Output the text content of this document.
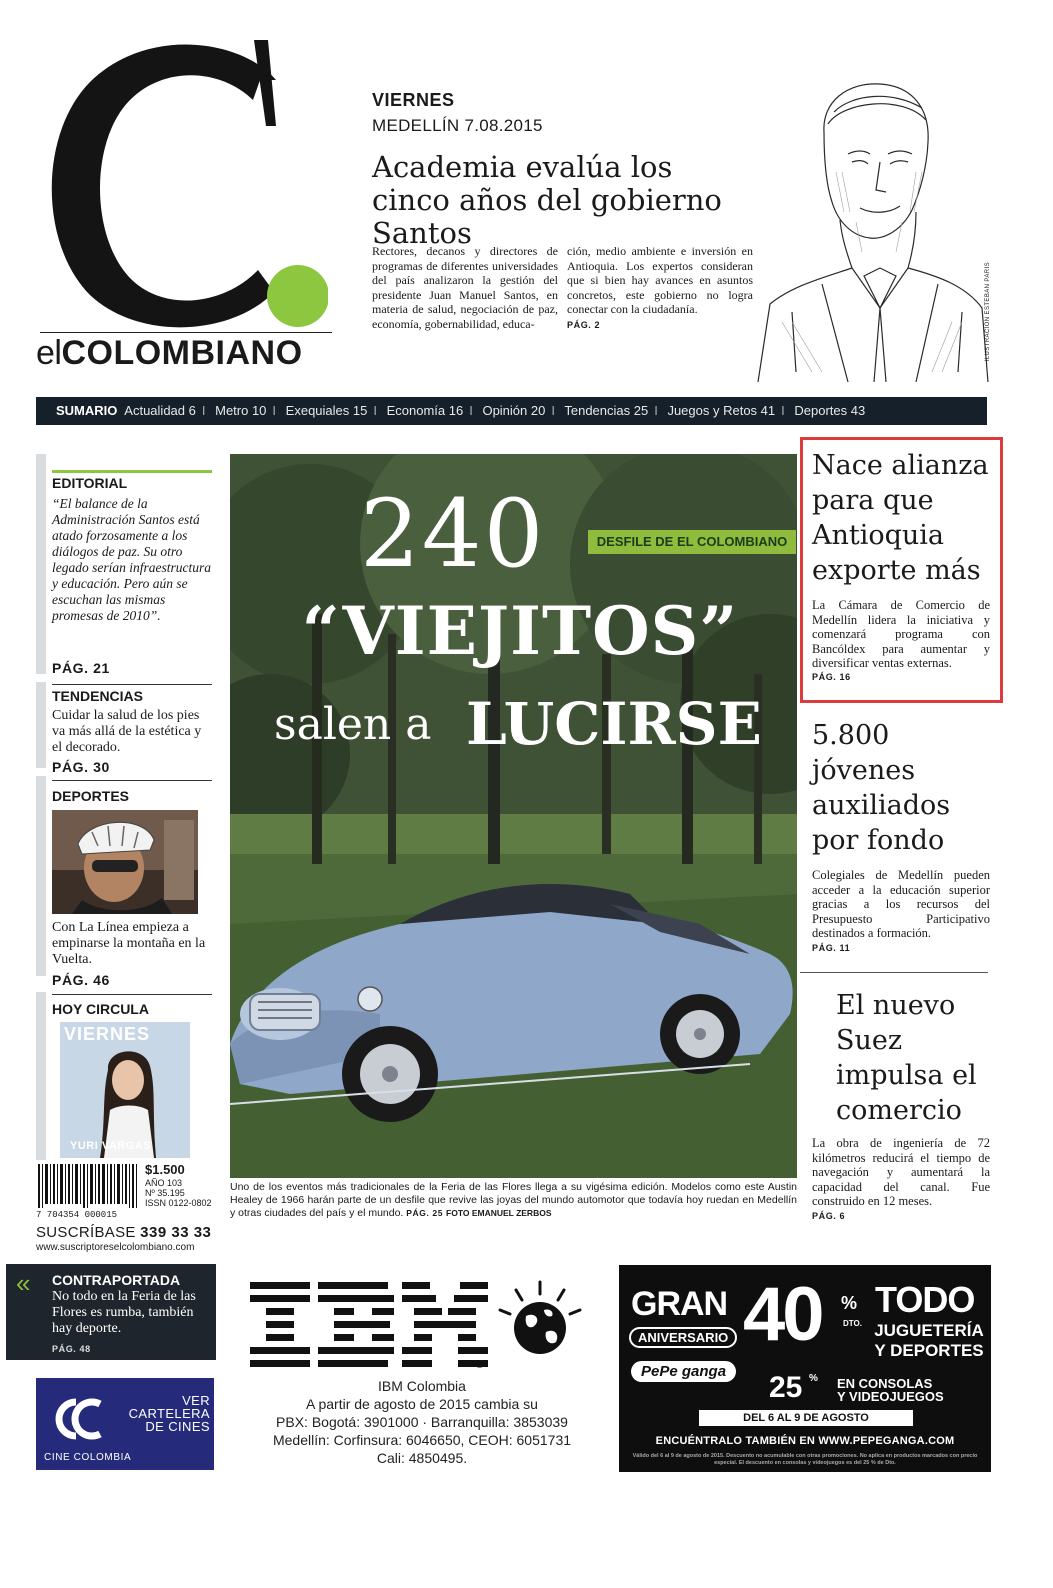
elCOLOMBIANO
VIERNES
MEDELLÍN 7.08.2015
Academia evalúa los cinco años del gobierno Santos
Rectores, decanos y directores de programas de diferentes universidades del país analizaron la gestión del presidente Juan Manuel Santos, en materia de salud, negociación de paz, economía, gobernabilidad, educa-
ción, medio ambiente e inversión en Antioquia. Los expertos consideran que si bien hay avances en asuntos concretos, este gobierno no logra conectar con la ciudadanía.
PÁG. 2	ILUSTRACIÓN ESTEBAN PARÍS
SUMARIO Actualidad 6 I Metro 10 I Exequiales 15 I Economía 16 I Opinión 20 I Tendencias 25 I Juegos y Retos 41 I Deportes 43
EDITORIAL
“El balance de la Administración Santos está atado forzosamente a los diálogos de paz. Su otro legado serían infraestructura y educación. Pero aún se escuchan las mismas promesas de 2010”.
PÁG. 21
TENDENCIAS
Cuidar la salud de los pies va más allá de la estética y el decorado.
PÁG. 30
DEPORTES
Con La Línea empieza a empinarse la montaña en la Vuelta.
PÁG. 46
HOY CIRCULA
VIERNES
YURI VARGAS
240	DESFILE DE EL COLOMBIANO
“VIEJITOS”
salen a LUCIRSE
Uno de los eventos más tradicionales de la Feria de las Flores llega a su vigésima edición. Modelos como este Austin Healey de 1966 harán parte de un desfile que revive las joyas del mundo automotor que todavía hoy ruedan en Medellín y otras ciudades del país y el mundo. PÁG. 25 FOTO EMANUEL ZERBOS
Nace alianza para que Antioquia exporte más
La Cámara de Comercio de Medellín lidera la iniciativa y comenzará programa con Bancóldex para aumentar y diversificar ventas externas.
PÁG. 16
5.800 jóvenes auxiliados por fondo
Colegiales de Medellín pueden acceder a la educación superior gracias a los recursos del Presupuesto Participativo destinados a formación.
PÁG. 11
El nuevo Suez impulsa el comercio
La obra de ingeniería de 72 kilómetros reducirá el tiempo de navegación y aumentará la capacidad del canal. Fue construido en 12 meses.
PÁG. 6
$1.500
AÑO 103
Nº 35.195
ISSN 0122-0802
7 704354 000015
SUSCRÍBASE 339 33 33
www.suscriptoreselcolombiano.com
« CONTRAPORTADA
No todo en la Feria de las Flores es rumba, también hay deporte.
PÁG. 48
CINE COLOMBIA
VER
CARTELERA
DE CINES
®
IBM Colombia
A partir de agosto de 2015 cambia su
PBX: Bogotá: 3901000 · Barranquilla: 3853039
Medellín: Corfinsura: 6046650, CEOH: 6051731
Cali: 4850495.
GRAN
ANIVERSARIO
PePe ganga
40 %
DTO.
TODO
JUGUETERÍA
Y DEPORTES
25 % EN CONSOLAS
Y VIDEOJUEGOS
DEL 6 AL 9 DE AGOSTO
ENCUÉNTRALO TAMBIÉN EN WWW.PEPEGANGA.COM
Válido del 6 al 9 de agosto de 2015. Descuento no acumulable con otras promociones. No aplica en productos marcados con precio especial. El descuento en consolas y videojuegos es del 25 % de Dto.
